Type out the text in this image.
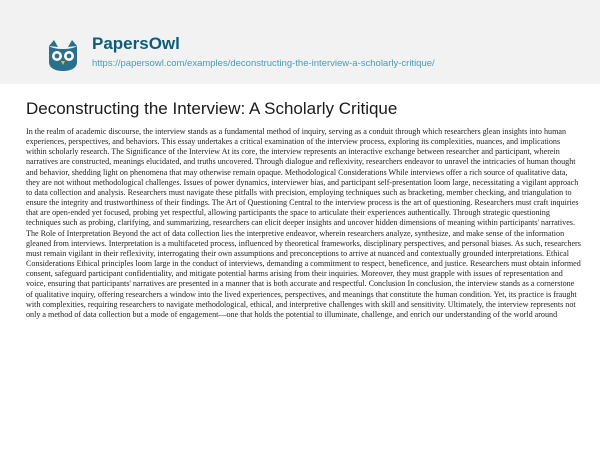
PapersOwl
https://papersowl.com/examples/deconstructing-the-interview-a-scholarly-critique/
Deconstructing the Interview: A Scholarly Critique

In the realm of academic discourse, the interview stands as a fundamental method of inquiry, serving as a conduit through which researchers glean insights into human experiences, perspectives, and behaviors. This essay undertakes a critical examination of the interview process, exploring its complexities, nuances, and implications within scholarly research. The Significance of the Interview At its core, the interview represents an interactive exchange between researcher and participant, wherein narratives are constructed, meanings elucidated, and truths uncovered. Through dialogue and reflexivity, researchers endeavor to unravel the intricacies of human thought and behavior, shedding light on phenomena that may otherwise remain opaque. Methodological Considerations While interviews offer a rich source of qualitative data, they are not without methodological challenges. Issues of power dynamics, interviewer bias, and participant self-presentation loom large, necessitating a vigilant approach to data collection and analysis. Researchers must navigate these pitfalls with precision, employing techniques such as bracketing, member checking, and triangulation to ensure the integrity and trustworthiness of their findings. The Art of Questioning Central to the interview process is the art of questioning. Researchers must craft inquiries that are open-ended yet focused, probing yet respectful, allowing participants the space to articulate their experiences authentically. Through strategic questioning techniques such as probing, clarifying, and summarizing, researchers can elicit deeper insights and uncover hidden dimensions of meaning within participants' narratives. The Role of Interpretation Beyond the act of data collection lies the interpretive endeavor, wherein researchers analyze, synthesize, and make sense of the information gleaned from interviews. Interpretation is a multifaceted process, influenced by theoretical frameworks, disciplinary perspectives, and personal biases. As such, researchers must remain vigilant in their reflexivity, interrogating their own assumptions and preconceptions to arrive at nuanced and contextually grounded interpretations. Ethical Considerations Ethical principles loom large in the conduct of interviews, demanding a commitment to respect, beneficence, and justice. Researchers must obtain informed consent, safeguard participant confidentiality, and mitigate potential harms arising from their inquiries. Moreover, they must grapple with issues of representation and voice, ensuring that participants' narratives are presented in a manner that is both accurate and respectful. Conclusion In conclusion, the interview stands as a cornerstone of qualitative inquiry, offering researchers a window into the lived experiences, perspectives, and meanings that constitute the human condition. Yet, its practice is fraught with complexities, requiring researchers to navigate methodological, ethical, and interpretive challenges with skill and sensitivity. Ultimately, the interview represents not only a method of data collection but a mode of engagement—one that holds the potential to illuminate, challenge, and enrich our understanding of the world around
